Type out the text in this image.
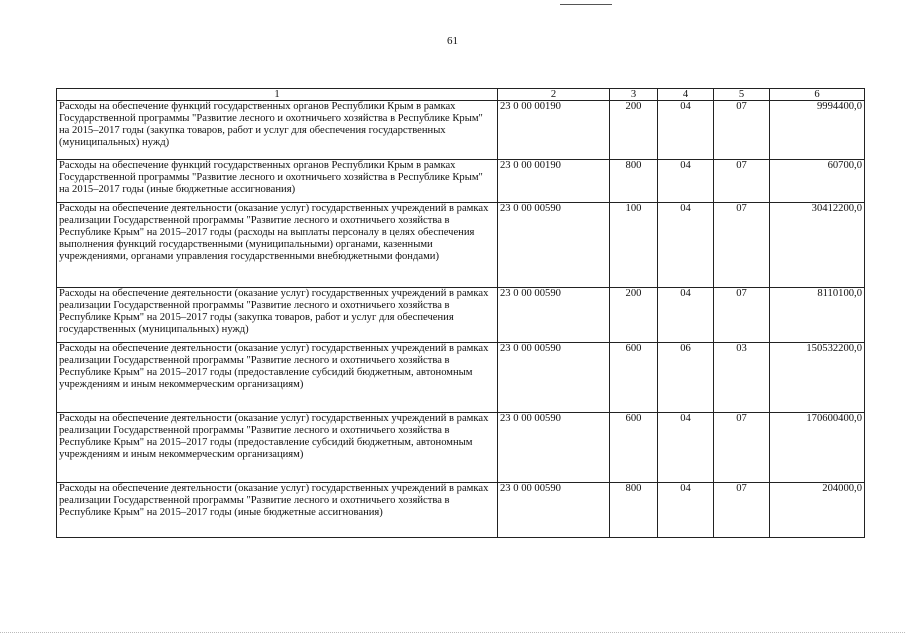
61
1	2	3	4	5	6
Расходы на обеспечение функций государственных органов Республики Крым в рамках Государственной программы "Развитие лесного и охотничьего хозяйства в Республике Крым" на 2015–2017 годы (закупка товаров, работ и услуг для обеспечения государственных (муниципальных) нужд)	23 0 00 00190	200	04	07	9994400,0
Расходы на обеспечение функций государственных органов Республики Крым в рамках Государственной программы "Развитие лесного и охотничьего хозяйства в Республике Крым" на 2015–2017 годы (иные бюджетные ассигнования)	23 0 00 00190	800	04	07	60700,0
Расходы на обеспечение деятельности (оказание услуг) государственных учреждений в рамках реализации Государственной программы "Развитие лесного и охотничьего хозяйства в Республике Крым" на 2015–2017 годы (расходы на выплаты персоналу в целях обеспечения выполнения функций государственными (муниципальными) органами, казенными учреждениями, органами управления государственными внебюджетными фондами)	23 0 00 00590	100	04	07	30412200,0
Расходы на обеспечение деятельности (оказание услуг) государственных учреждений в рамках реализации Государственной программы "Развитие лесного и охотничьего хозяйства в Республике Крым" на 2015–2017 годы (закупка товаров, работ и услуг для обеспечения государственных (муниципальных) нужд)	23 0 00 00590	200	04	07	8110100,0
Расходы на обеспечение деятельности (оказание услуг) государственных учреждений в рамках реализации Государственной программы "Развитие лесного и охотничьего хозяйства в Республике Крым" на 2015–2017 годы (предоставление субсидий бюджетным, автономным учреждениям и иным некоммерческим организациям)	23 0 00 00590	600	06	03	150532200,0
Расходы на обеспечение деятельности (оказание услуг) государственных учреждений в рамках реализации Государственной программы "Развитие лесного и охотничьего хозяйства в Республике Крым" на 2015–2017 годы (предоставление субсидий бюджетным, автономным учреждениям и иным некоммерческим организациям)	23 0 00 00590	600	04	07	170600400,0
Расходы на обеспечение деятельности (оказание услуг) государственных учреждений в рамках реализации Государственной программы "Развитие лесного и охотничьего хозяйства в Республике Крым" на 2015–2017 годы (иные бюджетные ассигнования)	23 0 00 00590	800	04	07	204000,0
